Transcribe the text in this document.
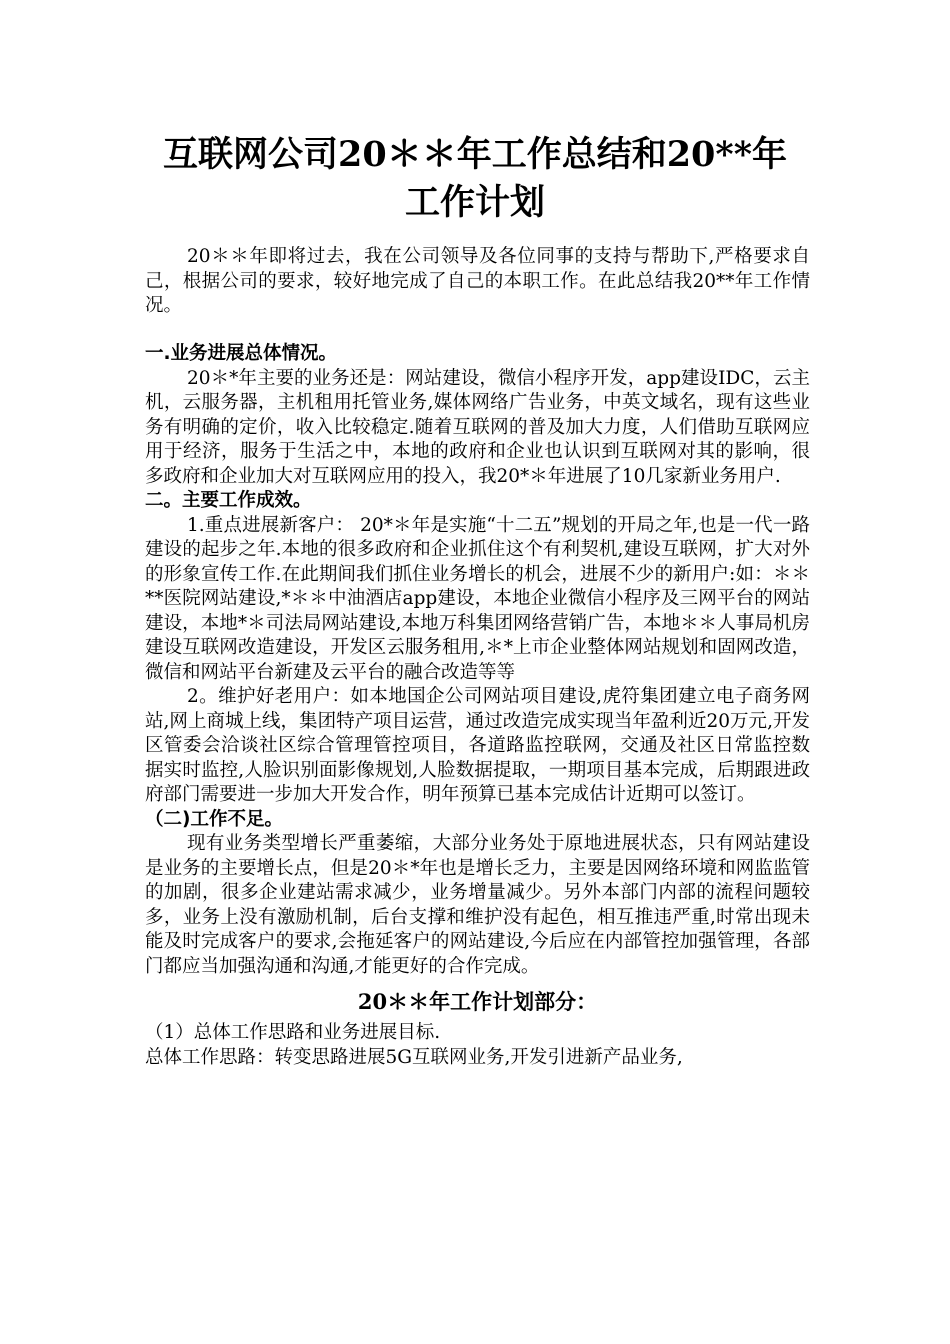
互联网公司20＊＊年工作总结和20**年
工作计划

20＊＊年即将过去，我在公司领导及各位同事的支持与帮助下,严格要求自己，根据公司的要求，较好地完成了自己的本职工作。在此总结我20**年工作情况。

一.业务进展总体情况。

20＊*年主要的业务还是：网站建设，微信小程序开发，app建设IDC，云主机，云服务器，主机租用托管业务,媒体网络广告业务，中英文域名，现有这些业务有明确的定价，收入比较稳定.随着互联网的普及加大力度，人们借助互联网应用于经济，服务于生活之中，本地的政府和企业也认识到互联网对其的影响，很多政府和企业加大对互联网应用的投入，我20*＊年进展了10几家新业务用户.

二。主要工作成效。

1.重点进展新客户： 20*＊年是实施“十二五”规划的开局之年,也是一代一路建设的起步之年.本地的很多政府和企业抓住这个有利契机,建设互联网，扩大对外的形象宣传工作.在此期间我们抓住业务增长的机会，进展不少的新用户:如：＊＊**医院网站建设,*＊＊中油酒店app建设，本地企业微信小程序及三网平台的网站建设，本地*＊司法局网站建设,本地万科集团网络营销广告，本地＊＊人事局机房建设互联网改造建设，开发区云服务租用,＊*上市企业整体网站规划和固网改造，微信和网站平台新建及云平台的融合改造等等

2。维护好老用户：如本地国企公司网站项目建设,虎符集团建立电子商务网站,网上商城上线，集团特产项目运营，通过改造完成实现当年盈利近20万元,开发区管委会洽谈社区综合管理管控项目，各道路监控联网，交通及社区日常监控数据实时监控,人脸识别面影像规划,人脸数据提取，一期项目基本完成，后期跟进政府部门需要进一步加大开发合作，明年预算已基本完成估计近期可以签订。

（二)工作不足。

现有业务类型增长严重萎缩，大部分业务处于原地进展状态，只有网站建设是业务的主要增长点，但是20＊*年也是增长乏力，主要是因网络环境和网监监管的加剧，很多企业建站需求减少，业务增量减少。另外本部门内部的流程问题较多，业务上没有激励机制，后台支撑和维护没有起色，相互推违严重,时常出现未能及时完成客户的要求,会拖延客户的网站建设,今后应在内部管控加强管理，各部门都应当加强沟通和沟通,才能更好的合作完成。

20＊＊年工作计划部分：

（1）总体工作思路和业务进展目标.

总体工作思路：转变思路进展5G互联网业务,开发引进新产品业务,
